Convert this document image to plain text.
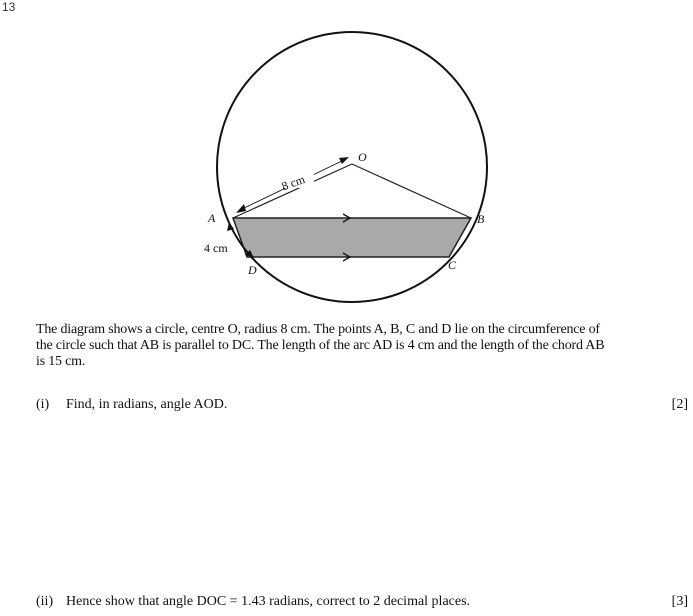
13
8 cm
O
A	B
C
D
4 cm
The diagram shows a circle, centre O, radius 8 cm. The points A, B, C and D lie on the circumference of
the circle such that AB is parallel to DC. The length of the arc AD is 4 cm and the length of the chord AB
is 15 cm.
(i) Find, in radians, angle AOD.	[2]
(ii) Hence show that angle DOC = 1.43 radians, correct to 2 decimal places.	[3]
